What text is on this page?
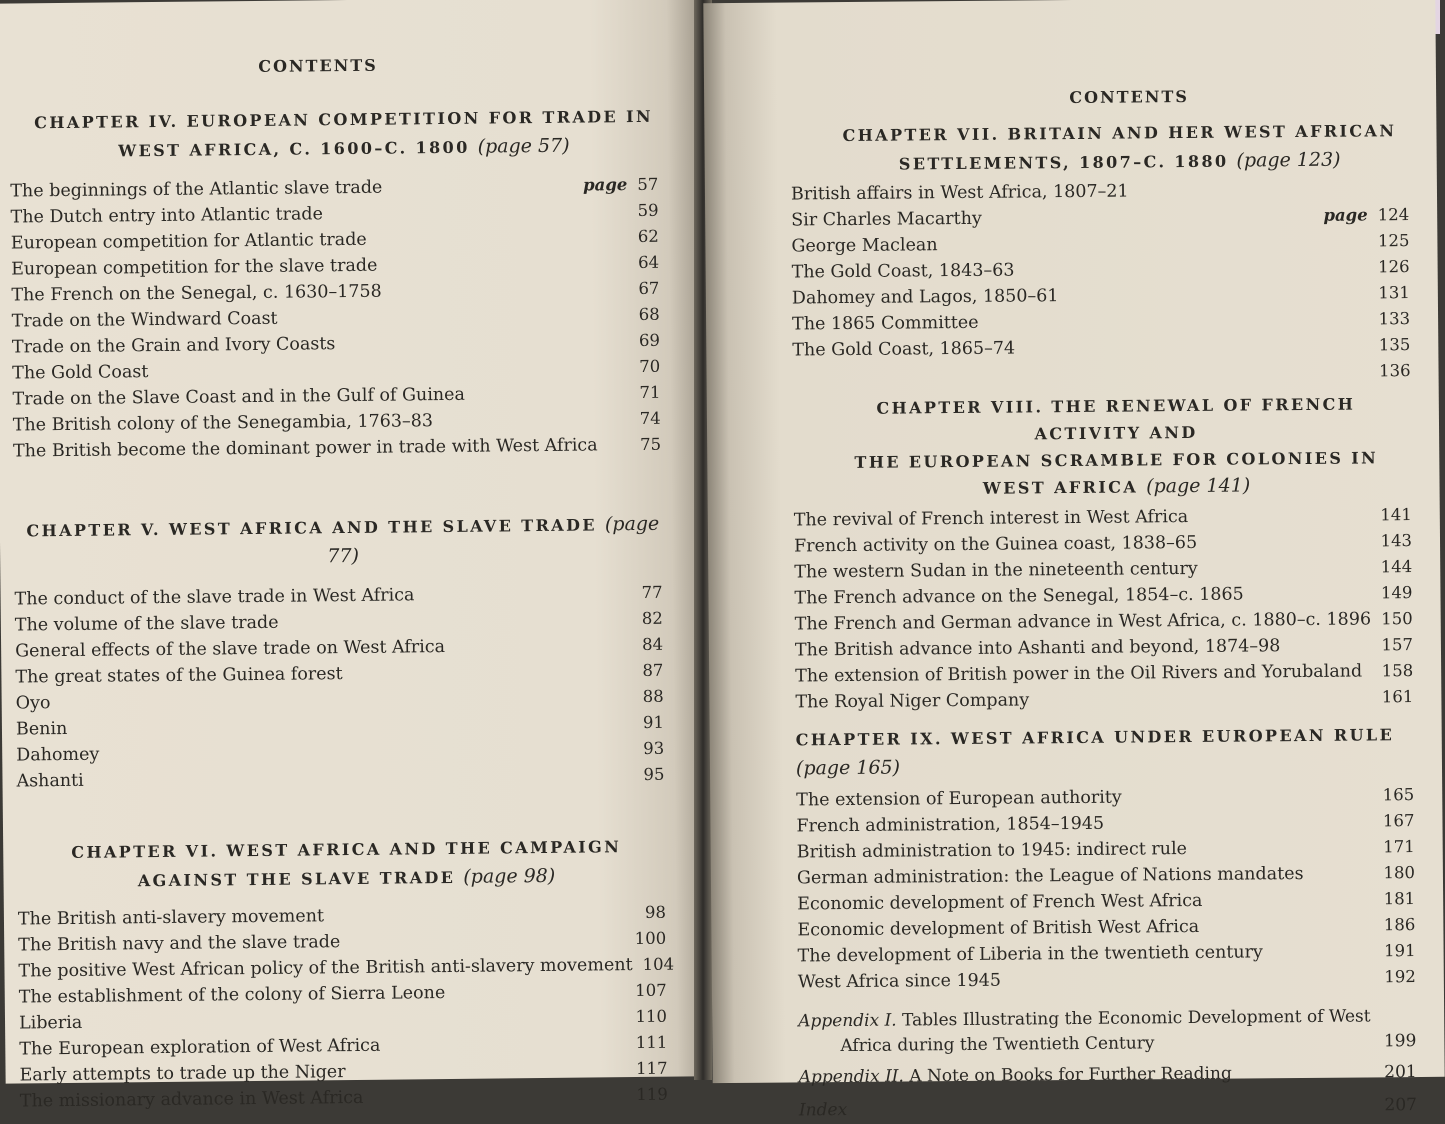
CONTENTS
CHAPTER IV. EUROPEAN COMPETITION FOR TRADE IN
WEST AFRICA, C. 1600–C. 1800 (page 57)
The beginnings of the Atlantic slave trade	page 57
The Dutch entry into Atlantic trade	59
European competition for Atlantic trade	62
European competition for the slave trade	64
The French on the Senegal, c. 1630–1758	67
Trade on the Windward Coast	68
Trade on the Grain and Ivory Coasts	69
The Gold Coast	70
Trade on the Slave Coast and in the Gulf of Guinea	71
The British colony of the Senegambia, 1763–83	74
The British become the dominant power in trade with West Africa	75
CHAPTER V. WEST AFRICA AND THE SLAVE TRADE (page 77)
The conduct of the slave trade in West Africa	77
The volume of the slave trade	82
General effects of the slave trade on West Africa	84
The great states of the Guinea forest	87
Oyo	88
Benin	91
Dahomey	93
Ashanti	95
CHAPTER VI. WEST AFRICA AND THE CAMPAIGN
AGAINST THE SLAVE TRADE (page 98)
The British anti-slavery movement	98
The British navy and the slave trade	100
The positive West African policy of the British anti-slavery movement 104
The establishment of the colony of Sierra Leone	107
Liberia	110
The European exploration of West Africa	111
Early attempts to trade up the Niger	117
The missionary advance in West Africa	119
CONTENTS
CHAPTER VII. BRITAIN AND HER WEST AFRICAN
SETTLEMENTS, 1807–C. 1880 (page 123)
British affairs in West Africa, 1807–21
Sir Charles Macarthy	page 124
George Maclean	125
The Gold Coast, 1843–63	126
Dahomey and Lagos, 1850–61	131
The 1865 Committee	133
The Gold Coast, 1865–74	135
136
CHAPTER VIII. THE RENEWAL OF FRENCH ACTIVITY AND
THE EUROPEAN SCRAMBLE FOR COLONIES IN
WEST AFRICA (page 141)
The revival of French interest in West Africa	141
French activity on the Guinea coast, 1838–65	143
The western Sudan in the nineteenth century	144
The French advance on the Senegal, 1854–c. 1865	149
The French and German advance in West Africa, c. 1880–c. 1896 150
The British advance into Ashanti and beyond, 1874–98	157
The extension of British power in the Oil Rivers and Yorubaland	158
The Royal Niger Company	161
CHAPTER IX. WEST AFRICA UNDER EUROPEAN RULE (page 165)
The extension of European authority	165
French administration, 1854–1945	167
British administration to 1945: indirect rule	171
German administration: the League of Nations mandates	180
Economic development of French West Africa	181
Economic development of British West Africa	186
The development of Liberia in the twentieth century	191
West Africa since 1945	192
Appendix I. Tables Illustrating the Economic Development of West
Africa during the Twentieth Century	199
Appendix II. A Note on Books for Further Reading	201
Index	207
